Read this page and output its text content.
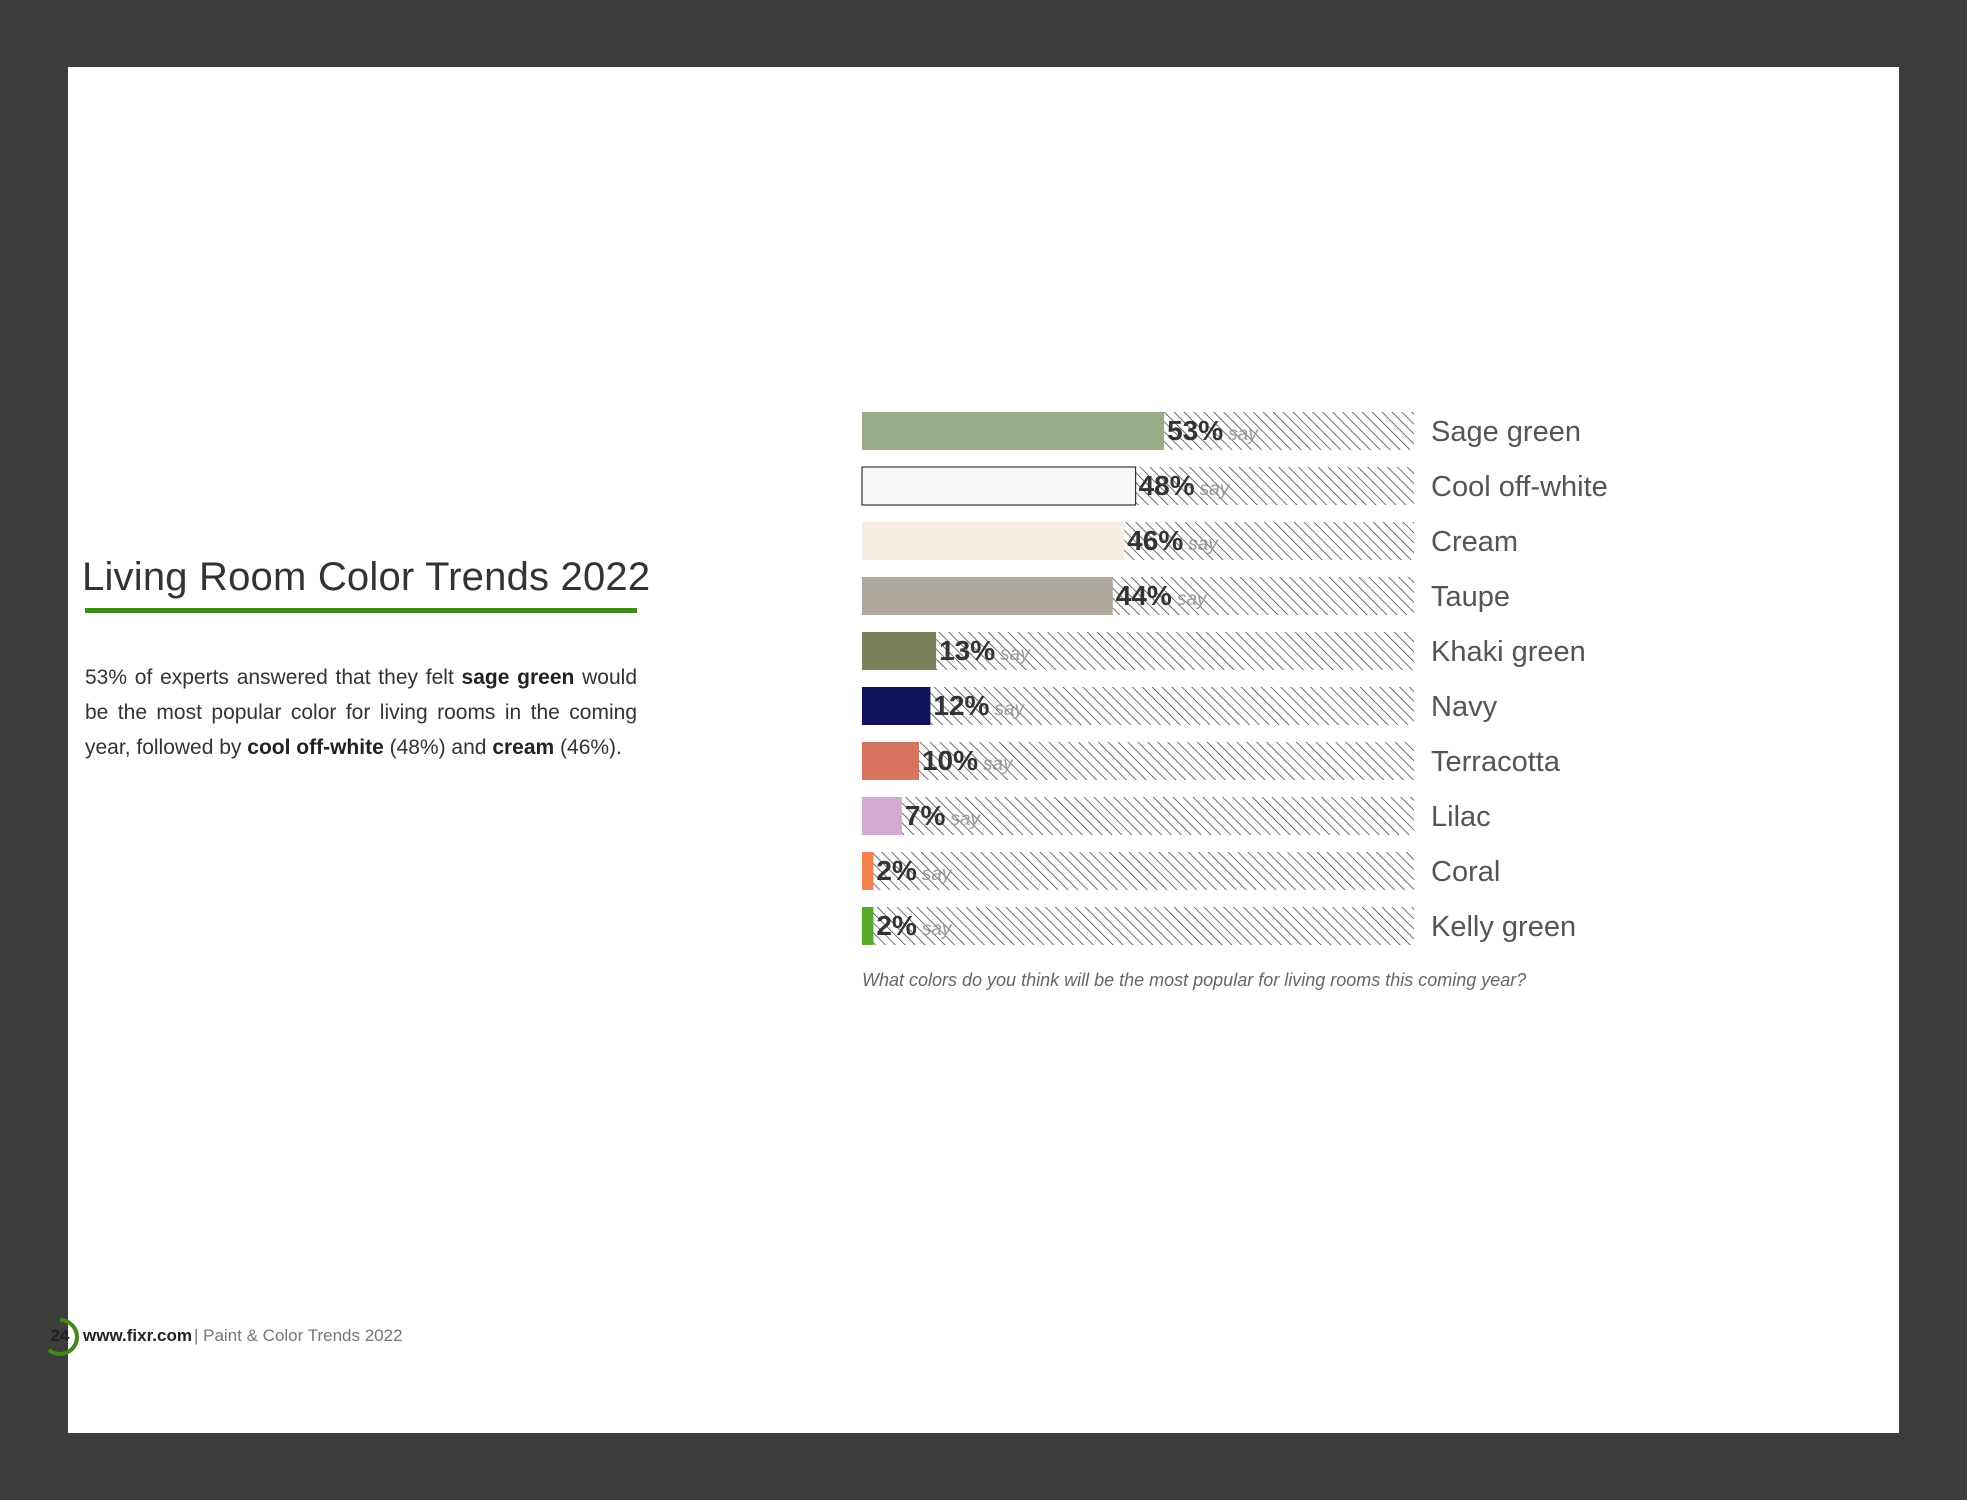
Living Room Color Trends 2022
53% of experts answered that they felt sage green would be the most popular color for living rooms in the coming year, followed by cool off-white (48%) and cream (46%).
53% say	Sage green
48% say	Cool off-white
46% say	Cream
44% say	Taupe
13% say	Khaki green
12% say	Navy
10% say	Terracotta
7% say	Lilac
2% say	Coral
2% say	Kelly green
What colors do you think will be the most popular for living rooms this coming year?
24 www.fixr.com | Paint & Color Trends 2022
